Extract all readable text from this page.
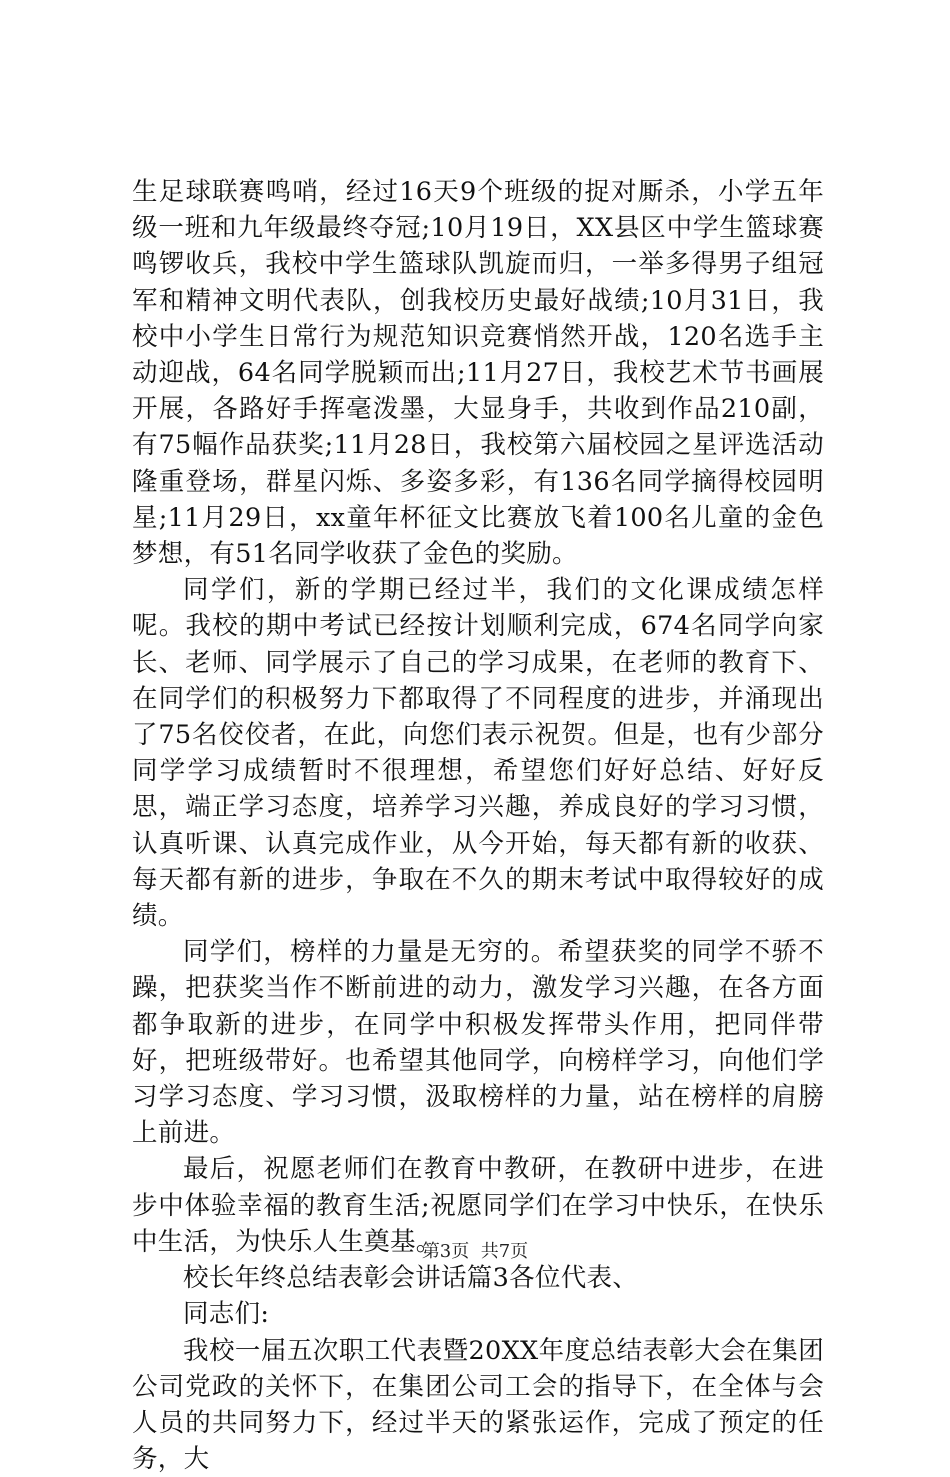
生足球联赛鸣哨，经过16天9个班级的捉对厮杀，小学五年级一班和九年级最终夺冠;10月19日，XX县区中学生篮球赛鸣锣收兵，我校中学生篮球队凯旋而归，一举多得男子组冠军和精神文明代表队，创我校历史最好战绩;10月31日，我校中小学生日常行为规范知识竞赛悄然开战，120名选手主动迎战，64名同学脱颖而出;11月27日，我校艺术节书画展开展，各路好手挥毫泼墨，大显身手，共收到作品210副，有75幅作品获奖;11月28日，我校第六届校园之星评选活动隆重登场，群星闪烁、多姿多彩，有136名同学摘得校园明星;11月29日，xx童年杯征文比赛放飞着100名儿童的金色梦想，有51名同学收获了金色的奖励。

同学们，新的学期已经过半，我们的文化课成绩怎样呢。我校的期中考试已经按计划顺利完成，674名同学向家长、老师、同学展示了自己的学习成果，在老师的教育下、在同学们的积极努力下都取得了不同程度的进步，并涌现出了75名佼佼者，在此，向您们表示祝贺。但是，也有少部分同学学习成绩暂时不很理想，希望您们好好总结、好好反思，端正学习态度，培养学习兴趣，养成良好的学习习惯，认真听课、认真完成作业，从今开始，每天都有新的收获、每天都有新的进步，争取在不久的期末考试中取得较好的成绩。

同学们，榜样的力量是无穷的。希望获奖的同学不骄不躁，把获奖当作不断前进的动力，激发学习兴趣，在各方面都争取新的进步，在同学中积极发挥带头作用，把同伴带好，把班级带好。也希望其他同学，向榜样学习，向他们学习学习态度、学习习惯，汲取榜样的力量，站在榜样的肩膀上前进。

最后，祝愿老师们在教育中教研，在教研中进步，在进步中体验幸福的教育生活;祝愿同学们在学习中快乐，在快乐中生活，为快乐人生奠基。

校长年终总结表彰会讲话篇3各位代表、

同志们:

我校一届五次职工代表暨20XX年度总结表彰大会在集团公司党政的关怀下，在集团公司工会的指导下，在全体与会人员的共同努力下，经过半天的紧张运作，完成了预定的任务，大

第3页  共7页
